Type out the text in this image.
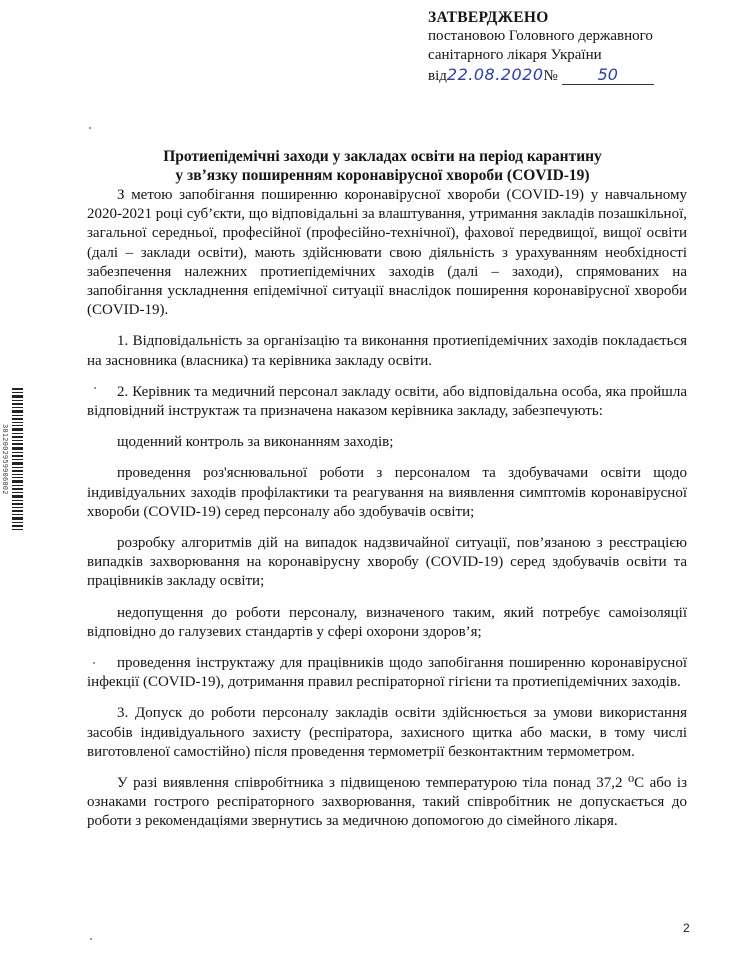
ЗАТВЕРДЖЕНО
постановою Головного державного
санітарного лікаря України
від22.08.2020№ 50
Протиепідемічні заходи у закладах освіти на період карантину
у зв’язку поширенням коронавірусної хвороби (COVID-19)

З метою запобігання поширенню коронавірусної хвороби (COVID-19) у навчальному 2020-2021 році суб’єкти, що відповідальні за влаштування, утримання закладів позашкільної, загальної середньої, професійної (професійно-технічної), фахової передвищої, вищої освіти (далі – заклади освіти), мають здійснювати свою діяльність з урахуванням необхідності забезпечення належних протиепідемічних заходів (далі – заходи), спрямованих на запобігання ускладнення епідемічної ситуації внаслідок поширення коронавірусної хвороби (COVID-19).

1. Відповідальність за організацію та виконання протиепідемічних заходів покладається на засновника (власника) та керівника закладу освіти.

2. Керівник та медичний персонал закладу освіти, або відповідальна особа, яка пройшла відповідний інструктаж та призначена наказом керівника закладу, забезпечують:

щоденний контроль за виконанням заходів;

проведення роз'яснювальної роботи з персоналом та здобувачами освіти щодо індивідуальних заходів профілактики та реагування на виявлення симптомів коронавірусної хвороби (COVID-19) серед персоналу або здобувачів освіти;

розробку алгоритмів дій на випадок надзвичайної ситуації, пов’язаною з реєстрацією випадків захворювання на коронавірусну хворобу (COVID-19) серед здобувачів освіти та працівників закладу освіти;

недопущення до роботи персоналу, визначеного таким, який потребує самоізоляції відповідно до галузевих стандартів у сфері охорони здоров’я;

проведення інструктажу для працівників щодо запобігання поширенню коронавірусної інфекції (COVID-19), дотримання правил респіраторної гігієни та протиепідемічних заходів.

3. Допуск до роботи персоналу закладів освіти здійснюється за умови використання засобів індивідуального захисту (респіратора, захисного щитка або маски, в тому числі виготовленої самостійно) після проведення термометрії безконтактним термометром.

У разі виявлення співробітника з підвищеною температурою тіла понад 37,2 ⁰С або із ознаками гострого респіраторного захворювання, такий співробітник не допускається до роботи з рекомендаціями звернутись за медичною допомогою до сімейного лікаря.

3012002959906002
2
